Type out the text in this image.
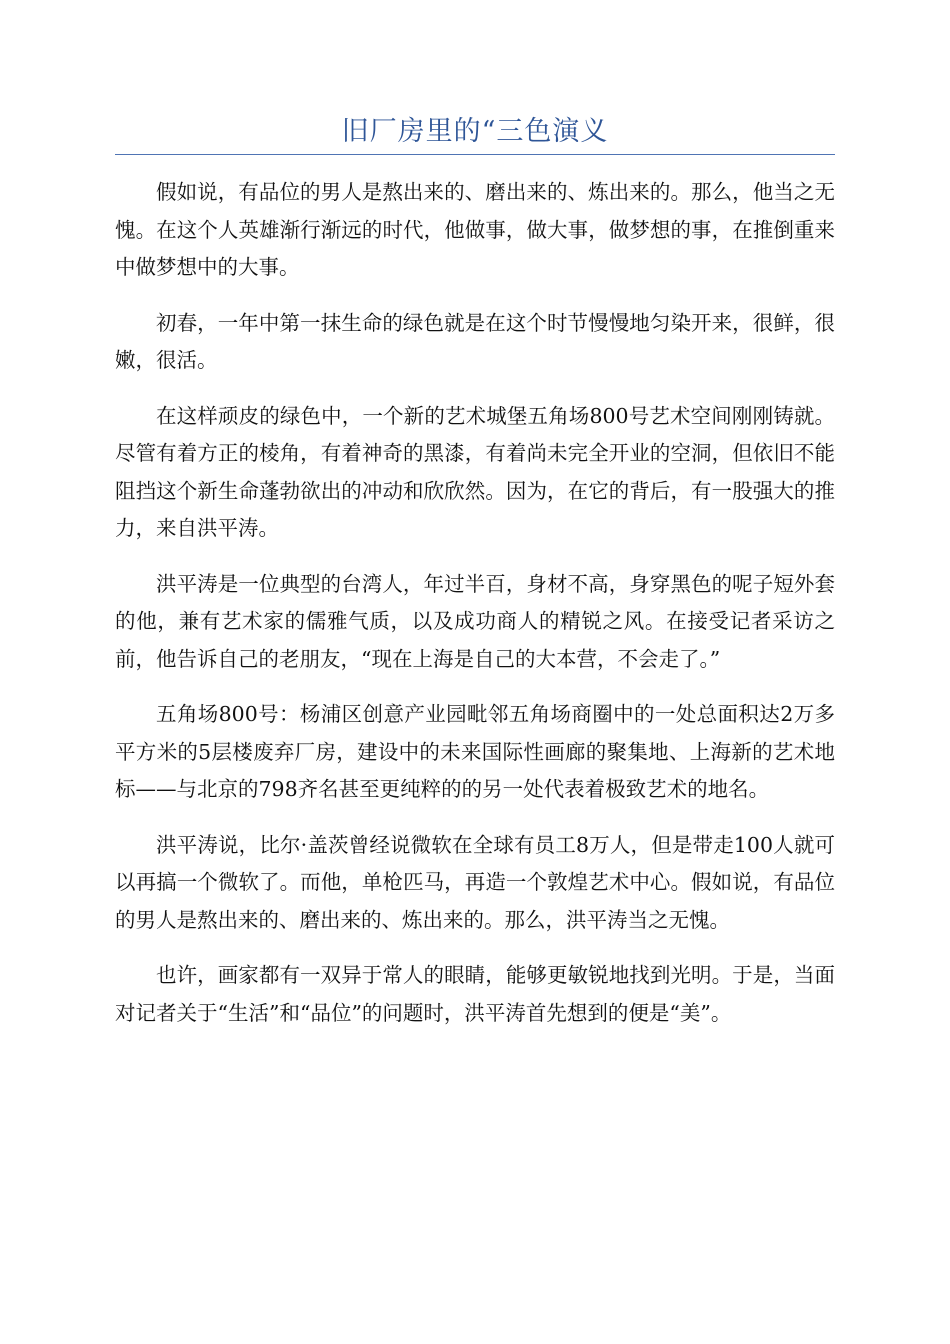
旧厂房里的“三色演义

假如说，有品位的男人是熬出来的、磨出来的、炼出来的。那么，他当之无愧。在这个人英雄渐行渐远的时代，他做事，做大事，做梦想的事，在推倒重来中做梦想中的大事。

初春，一年中第一抹生命的绿色就是在这个时节慢慢地匀染开来，很鲜，很嫩，很活。

在这样顽皮的绿色中，一个新的艺术城堡五角场800号艺术空间刚刚铸就。尽管有着方正的棱角，有着神奇的黑漆，有着尚未完全开业的空洞，但依旧不能阻挡这个新生命蓬勃欲出的冲动和欣欣然。因为，在它的背后，有一股强大的推力，来自洪平涛。

洪平涛是一位典型的台湾人，年过半百，身材不高，身穿黑色的呢子短外套的他，兼有艺术家的儒雅气质，以及成功商人的精锐之风。在接受记者采访之前，他告诉自己的老朋友，“现在上海是自己的大本营，不会走了。”

五角场800号：杨浦区创意产业园毗邻五角场商圈中的一处总面积达2万多平方米的5层楼废弃厂房，建设中的未来国际性画廊的聚集地、上海新的艺术地标——与北京的798齐名甚至更纯粹的的另一处代表着极致艺术的地名。

洪平涛说，比尔·盖茨曾经说微软在全球有员工8万人，但是带走100人就可以再搞一个微软了。而他，单枪匹马，再造一个敦煌艺术中心。假如说，有品位的男人是熬出来的、磨出来的、炼出来的。那么，洪平涛当之无愧。

也许，画家都有一双异于常人的眼睛，能够更敏锐地找到光明。于是，当面对记者关于“生活”和“品位”的问题时，洪平涛首先想到的便是“美”。
